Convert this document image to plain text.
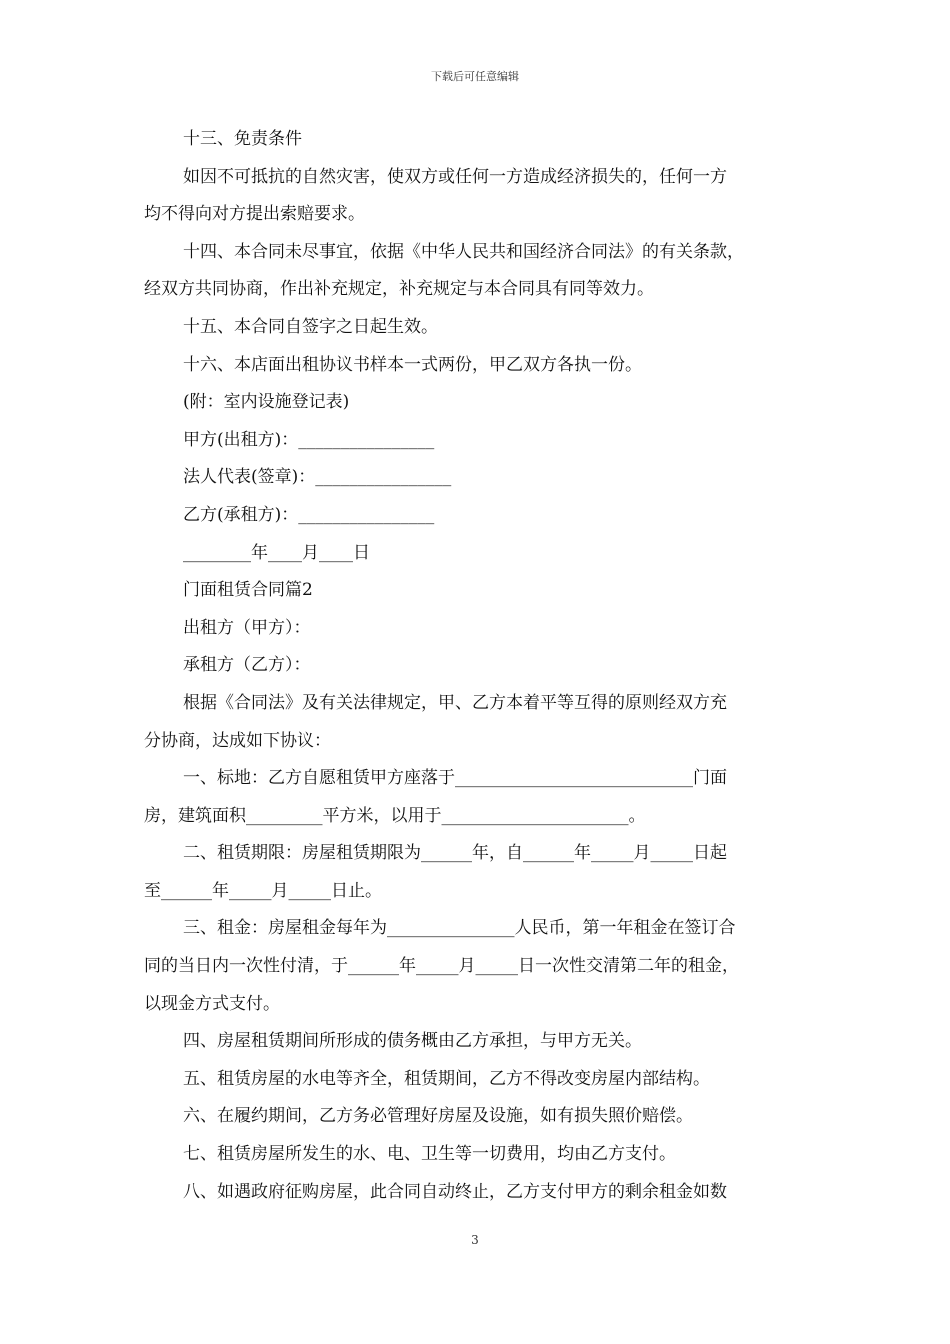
下载后可任意编辑
十三、免责条件
如因不可抵抗的自然灾害，使双方或任何一方造成经济损失的，任何一方
均不得向对方提出索赔要求。
十四、本合同未尽事宜，依据《中华人民共和国经济合同法》的有关条款，
经双方共同协商，作出补充规定，补充规定与本合同具有同等效力。
十五、本合同自签字之日起生效。
十六、本店面出租协议书样本一式两份，甲乙双方各执一份。
(附：室内设施登记表)
甲方(出租方)：________________
法人代表(签章)：________________
乙方(承租方)：________________
________年____月____日
门面租赁合同篇2
出租方（甲方）：
承租方（乙方）：
根据《合同法》及有关法律规定，甲、乙方本着平等互得的原则经双方充
分协商，达成如下协议：
一、标地：乙方自愿租赁甲方座落于____________________________门面
房，建筑面积_________平方米，以用于______________________。
二、租赁期限：房屋租赁期限为______年，自______年_____月_____日起
至______年_____月_____日止。
三、租金：房屋租金每年为_______________人民币，第一年租金在签订合
同的当日内一次性付清，于______年_____月_____日一次性交清第二年的租金，
以现金方式支付。
四、房屋租赁期间所形成的债务概由乙方承担，与甲方无关。
五、租赁房屋的水电等齐全，租赁期间，乙方不得改变房屋内部结构。
六、在履约期间，乙方务必管理好房屋及设施，如有损失照价赔偿。
七、租赁房屋所发生的水、电、卫生等一切费用，均由乙方支付。
八、如遇政府征购房屋，此合同自动终止，乙方支付甲方的剩余租金如数
3
